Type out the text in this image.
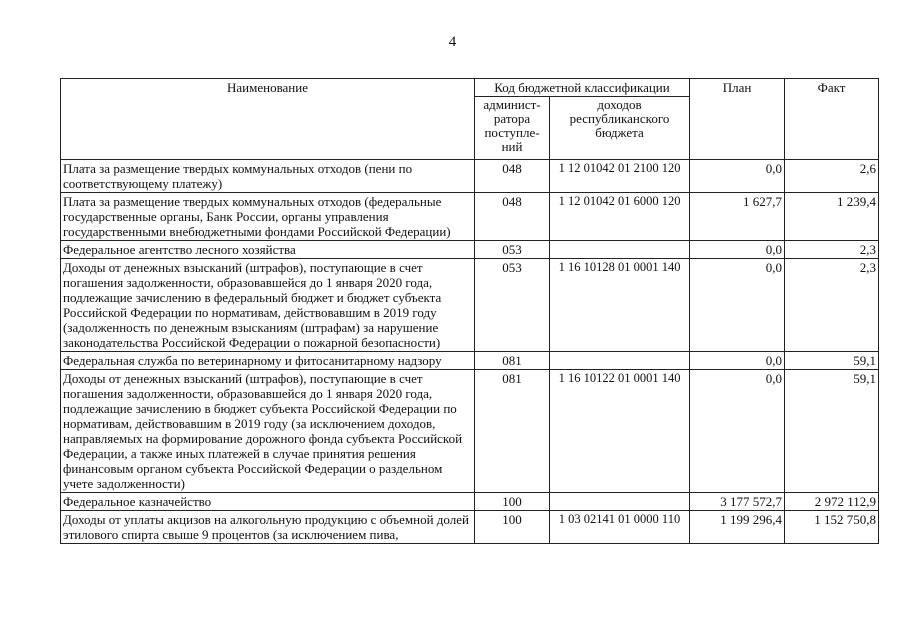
4
Наименование	Код бюджетной классификации		План	Факт
	админист-ратора поступле-ний	доходов республиканского бюджета		
Плата за размещение твердых коммунальных отходов (пени по соответствующему платежу)	048	1 12 01042 01 2100 120	0,0	2,6
Плата за размещение твердых коммунальных отходов (федеральные государственные органы, Банк России, органы управления государственными внебюджетными фондами Российской Федерации)	048	1 12 01042 01 6000 120	1 627,7	1 239,4
Федеральное агентство лесного хозяйства	053		0,0	2,3
Доходы от денежных взысканий (штрафов), поступающие в счет погашения задолженности, образовавшейся до 1 января 2020 года, подлежащие зачислению в федеральный бюджет и бюджет субъекта Российской Федерации по нормативам, действовавшим в 2019 году (задолженность по денежным взысканиям (штрафам) за нарушение законодательства Российской Федерации о пожарной безопасности)	053	1 16 10128 01 0001 140	0,0	2,3
Федеральная служба по ветеринарному и фитосанитарному надзору	081		0,0	59,1
Доходы от денежных взысканий (штрафов), поступающие в счет погашения задолженности, образовавшейся до 1 января 2020 года, подлежащие зачислению в бюджет субъекта Российской Федерации по нормативам, действовавшим в 2019 году (за исключением доходов, направляемых на формирование дорожного фонда субъекта Российской Федерации, а также иных платежей в случае принятия решения финансовым органом субъекта Российской Федерации о раздельном учете задолженности)	081	1 16 10122 01 0001 140	0,0	59,1
Федеральное казначейство	100		3 177 572,7	2 972 112,9
Доходы от уплаты акцизов на алкогольную продукцию с объемной долей этилового спирта свыше 9 процентов (за исключением пива,	100	1 03 02141 01 0000 110	1 199 296,4	1 152 750,8
